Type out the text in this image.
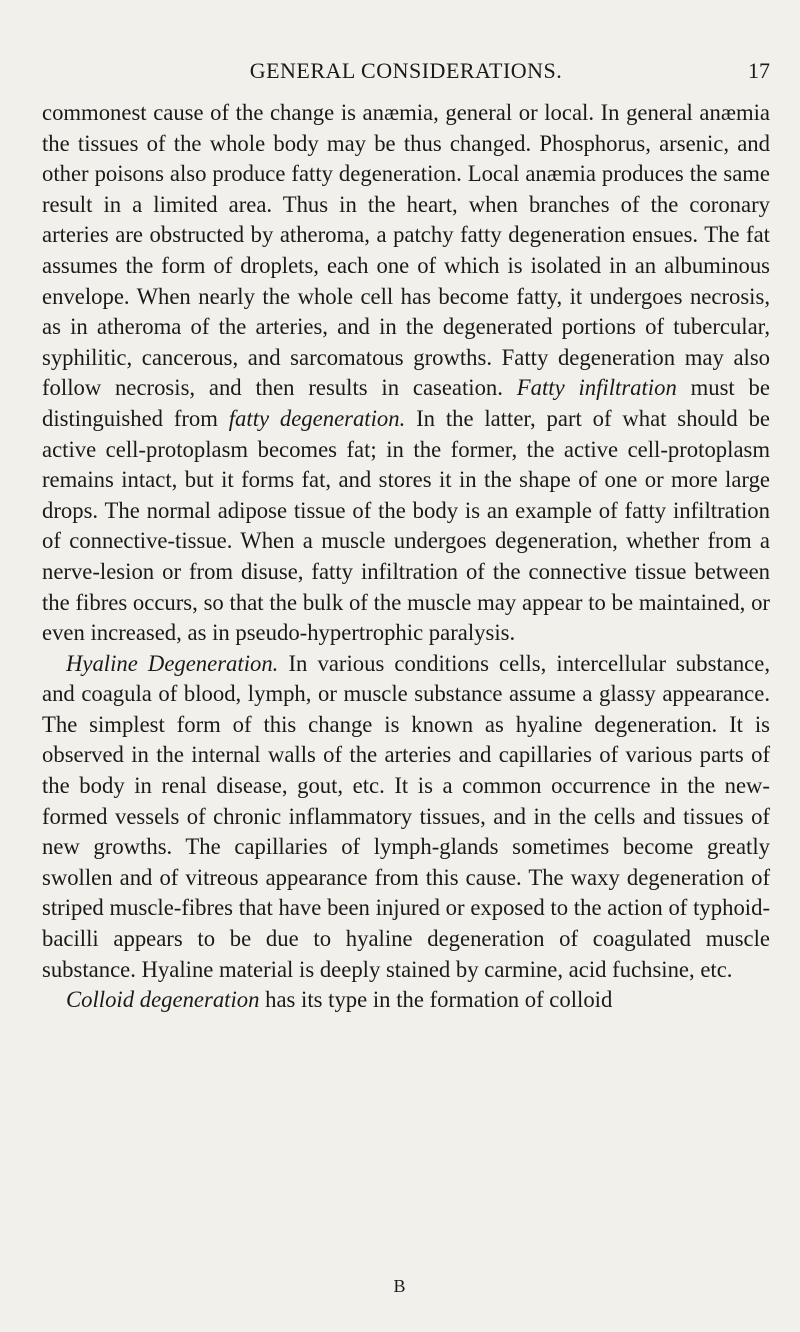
GENERAL CONSIDERATIONS.	17

commonest cause of the change is anæmia, general or local. In general anæmia the tissues of the whole body may be thus changed. Phosphorus, arsenic, and other poisons also produce fatty degeneration. Local anæmia produces the same result in a limited area. Thus in the heart, when branches of the coronary arteries are obstructed by atheroma, a patchy fatty degeneration ensues. The fat assumes the form of droplets, each one of which is isolated in an albuminous envelope. When nearly the whole cell has become fatty, it undergoes necrosis, as in atheroma of the arteries, and in the degenerated portions of tubercular, syphilitic, cancerous, and sarcomatous growths. Fatty degeneration may also follow necrosis, and then results in caseation. Fatty infiltration must be distinguished from fatty degeneration. In the latter, part of what should be active cell-protoplasm becomes fat; in the former, the active cell-protoplasm remains intact, but it forms fat, and stores it in the shape of one or more large drops. The normal adipose tissue of the body is an example of fatty infiltration of connective-tissue. When a muscle undergoes degeneration, whether from a nerve-lesion or from disuse, fatty infiltration of the connective tissue between the fibres occurs, so that the bulk of the muscle may appear to be maintained, or even increased, as in pseudo-hypertrophic paralysis.

Hyaline Degeneration. In various conditions cells, intercellular substance, and coagula of blood, lymph, or muscle substance assume a glassy appearance. The simplest form of this change is known as hyaline degeneration. It is observed in the internal walls of the arteries and capillaries of various parts of the body in renal disease, gout, etc. It is a common occurrence in the new-formed vessels of chronic inflammatory tissues, and in the cells and tissues of new growths. The capillaries of lymph-glands sometimes become greatly swollen and of vitreous appearance from this cause. The waxy degeneration of striped muscle-fibres that have been injured or exposed to the action of typhoid-bacilli appears to be due to hyaline degeneration of coagulated muscle substance. Hyaline material is deeply stained by carmine, acid fuchsine, etc.

Colloid degeneration has its type in the formation of colloid

B
